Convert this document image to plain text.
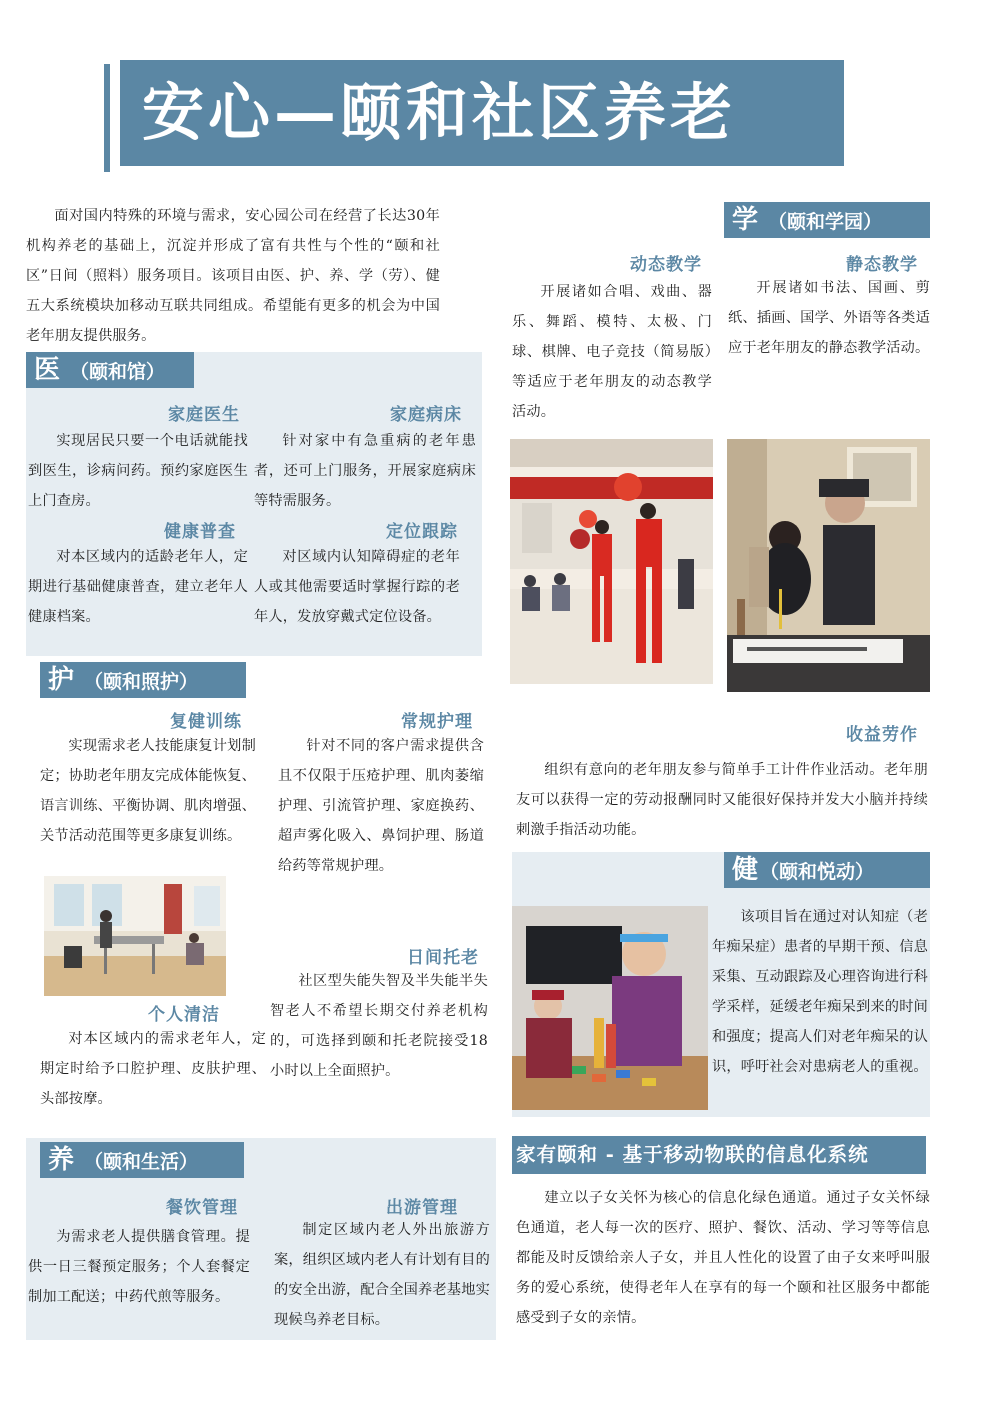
安心—颐和社区养老

面对国内特殊的环境与需求，安心园公司在经营了长达30年机构养老的基础上，沉淀并形成了富有共性与个性的“颐和社区”日间（照料）服务项目。该项目由医、护、养、学（劳）、健五大系统模块加移动互联共同组成。希望能有更多的机会为中国老年朋友提供服务。

医 （颐和馆）
家庭医生

实现居民只要一个电话就能找到医生，诊病问药。预约家庭医生上门查房。

家庭病床

针对家中有急重病的老年患者，还可上门服务，开展家庭病床等特需服务。

健康普查

对本区域内的适龄老年人，定期进行基础健康普查，建立老年人健康档案。

定位跟踪

对区域内认知障碍症的老年人或其他需要适时掌握行踪的老年人，发放穿戴式定位设备。

护 （颐和照护）
复健训练

实现需求老人技能康复计划制定；协助老年朋友完成体能恢复、语言训练、平衡协调、肌肉增强、关节活动范围等更多康复训练。

常规护理

针对不同的客户需求提供含且不仅限于压疮护理、肌肉萎缩护理、引流管护理、家庭换药、超声雾化吸入、鼻饲护理、肠道给药等常规护理。

日间托老

社区型失能失智及半失能半失智老人不希望长期交付养老机构的，可选择到颐和托老院接受18小时以上全面照护。

个人清洁

对本区域内的需求老年人，定期定时给予口腔护理、皮肤护理、头部按摩。

养 （颐和生活）
餐饮管理

为需求老人提供膳食管理。提供一日三餐预定服务；个人套餐定制加工配送；中药代煎等服务。

出游管理

制定区域内老人外出旅游方案，组织区域内老人有计划有目的的安全出游，配合全国养老基地实现候鸟养老目标。

学 （颐和学园）
动态教学

开展诸如合唱、戏曲、器乐、舞蹈、模特、太极、门球、棋牌、电子竞技（简易版）等适应于老年朋友的动态教学活动。

静态教学

开展诸如书法、国画、剪纸、插画、国学、外语等各类适应于老年朋友的静态教学活动。

收益劳作

组织有意向的老年朋友参与简单手工计件作业活动。老年朋友可以获得一定的劳动报酬同时又能很好保持并发大小脑并持续刺激手指活动功能。

健 （颐和悦动）

该项目旨在通过对认知症（老年痴呆症）患者的早期干预、信息采集、互动跟踪及心理咨询进行科学采样，延缓老年痴呆到来的时间和强度；提高人们对老年痴呆的认识，呼吁社会对患病老人的重视。

家有颐和 - 基于移动物联的信息化系统

建立以子女关怀为核心的信息化绿色通道。通过子女关怀绿色通道，老人每一次的医疗、照护、餐饮、活动、学习等等信息都能及时反馈给亲人子女，并且人性化的设置了由子女来呼叫服务的爱心系统，使得老年人在享有的每一个颐和社区服务中都能感受到子女的亲情。
